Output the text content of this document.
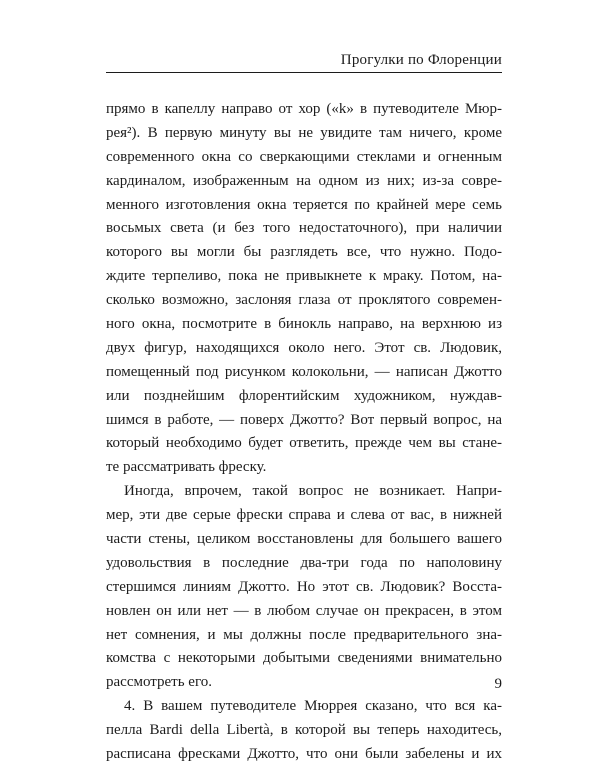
Прогулки по Флоренции
прямо в капеллу направо от хор («k» в путеводителе Мюр-
рея²). В первую минуту вы не увидите там ничего, кроме
современного окна со сверкающими стеклами и огненным
кардиналом, изображенным на одном из них; из-за совре-
менного изготовления окна теряется по крайней мере семь
восьмых света (и без того недостаточного), при наличии
которого вы могли бы разглядеть все, что нужно. Подо-
ждите терпеливо, пока не привыкнете к мраку. Потом, на-
сколько возможно, заслоняя глаза от проклятого современ-
ного окна, посмотрите в бинокль направо, на верхнюю из
двух фигур, находящихся около него. Этот св. Людовик,
помещенный под рисунком колокольни, — написан Джотто
или позднейшим флорентийским художником, нуждав-
шимся в работе, — поверх Джотто? Вот первый вопрос, на
который необходимо будет ответить, прежде чем вы стане-
те рассматривать фреску.
Иногда, впрочем, такой вопрос не возникает. Напри-
мер, эти две серые фрески справа и слева от вас, в нижней
части стены, целиком восстановлены для большего вашего
удовольствия в последние два-три года по наполовину
стершимся линиям Джотто. Но этот св. Людовик? Восста-
новлен он или нет — в любом случае он прекрасен, в этом
нет сомнения, и мы должны после предварительного зна-
комства с некоторыми добытыми сведениями внимательно
рассмотреть его.
4. В вашем путеводителе Мюррея сказано, что вся ка-
пелла Bardi della Libertà, в которой вы теперь находитесь,
расписана фресками Джотто, что они были забелены и их
9
